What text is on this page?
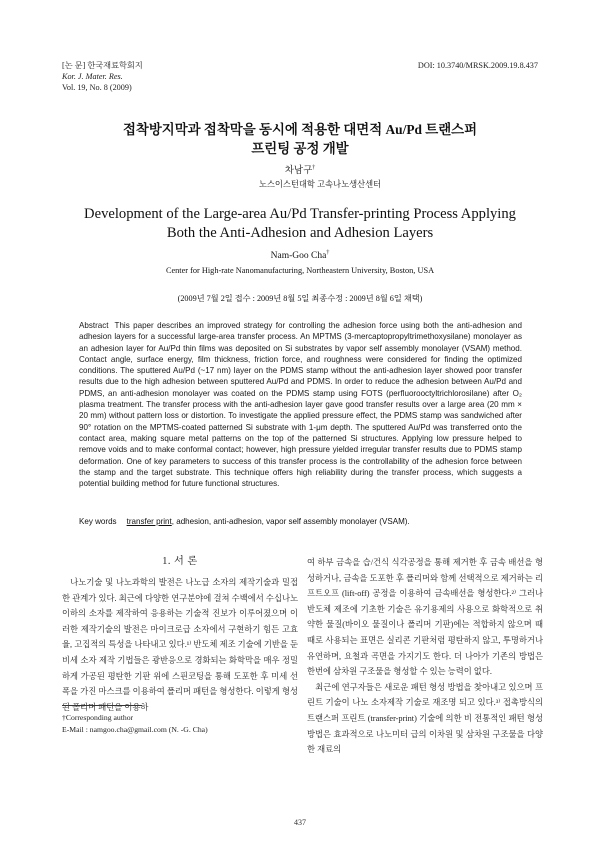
[논 문] 한국재료학회지

Kor. J. Mater. Res.
Vol. 19, No. 8 (2009)
DOI: 10.3740/MRSK.2009.19.8.437
접착방지막과 접착막을 동시에 적용한 대면적 Au/Pd 트랜스퍼
프린팅 공정 개발
차남구†
노스이스턴대학 고속나노생산센터
Development of the Large-area Au/Pd Transfer-printing Process Applying
Both the Anti-Adhesion and Adhesion Layers
Nam-Goo Cha†
Center for High-rate Nanomanufacturing, Northeastern University, Boston, USA
(2009년 7월 2일 접수 : 2009년 8월 5일 최종수정 : 2009년 8월 6일 채택)
Abstract This paper describes an improved strategy for controlling the adhesion force using both the anti-adhesion and adhesion layers for a successful large-area transfer process. An MPTMS (3-mercaptopropyltrimethoxysilane) monolayer as an adhesion layer for Au/Pd thin films was deposited on Si substrates by vapor self assembly monolayer (VSAM) method. Contact angle, surface energy, film thickness, friction force, and roughness were considered for finding the optimized conditions. The sputtered Au/Pd (~17 nm) layer on the PDMS stamp without the anti-adhesion layer showed poor transfer results due to the high adhesion between sputtered Au/Pd and PDMS. In order to reduce the adhesion between Au/Pd and PDMS, an anti-adhesion monolayer was coated on the PDMS stamp using FOTS (perfluorooctyltrichlorosilane) after O₂ plasma treatment. The transfer process with the anti-adhesion layer gave good transfer results over a large area (20 mm × 20 mm) without pattern loss or distortion. To investigate the applied pressure effect, the PDMS stamp was sandwiched after 90° rotation on the MPTMS-coated patterned Si substrate with 1-μm depth. The sputtered Au/Pd was transferred onto the contact area, making square metal patterns on the top of the patterned Si structures. Applying low pressure helped to remove voids and to make conformal contact; however, high pressure yielded irregular transfer results due to PDMS stamp deformation. One of key parameters to success of this transfer process is the controllability of the adhesion force between the stamp and the target substrate. This technique offers high reliability during the transfer process, which suggests a potential building method for future functional structures.
Key words transfer print, adhesion, anti-adhesion, vapor self assembly monolayer (VSAM).
1. 서 론

나노기술 및 나노과학의 발전은 나노급 소자의 제작기술과 밀접한 관계가 있다. 최근에 다양한 연구분야에 걸쳐 수백에서 수십나노 이하의 소자를 제작하여 응용하는 기술적 진보가 이루어졌으며 이러한 제작기술의 발전은 마이크로급 소자에서 구현하기 힘든 고효율, 고집적의 특성을 나타내고 있다.¹⁾ 반도체 제조 기술에 기반을 둔 비세 소자 제작 기법들은 광반응으로 경화되는 화학막을 매우 정밀하게 가공된 평탄한 기판 위에 스핀코팅을 통해 도포한 후 미세 선폭을 가진 마스크를 이용하여 폴리머 패턴을 형성한다. 이렇게 형성된 폴리머 패턴을 이용하

여 하부 금속을 습/건식 식각공정을 통해 제거한 후 금속 배선을 형성하거나, 금속을 도포한 후 폴리머와 함께 선택적으로 제거하는 리프트오프 (lift-off) 공정을 이용하여 금속배선을 형성한다.²⁾ 그러나 반도체 제조에 기초한 기술은 유기용제의 사용으로 화학적으로 취약한 물질(바이오 물질이나 폴리머 기판)에는 적합하지 않으며 때때로 사용되는 표면은 실리콘 기판처럼 평탄하지 않고, 투명하거나 유연하며, 요철과 곡면을 가지기도 한다. 더 나아가 기존의 방법은 한번에 삼차원 구조물을 형성할 수 있는 능력이 없다.

최근에 연구자들은 새로운 패턴 형성 방법을 찾아내고 있으며 프린트 기술이 나노 소자제작 기술로 재조명 되고 있다.³⁾ 접촉방식의 트랜스퍼 프린트 (transfer-print) 기술에 의한 비 전통적인 패턴 형성 방법은 효과적으로 나노미터 급의 이차원 및 삼차원 구조물을 다양한 재료의

†Corresponding author
E-Mail : namgoo.cha@gmail.com (N. -G. Cha)
437
